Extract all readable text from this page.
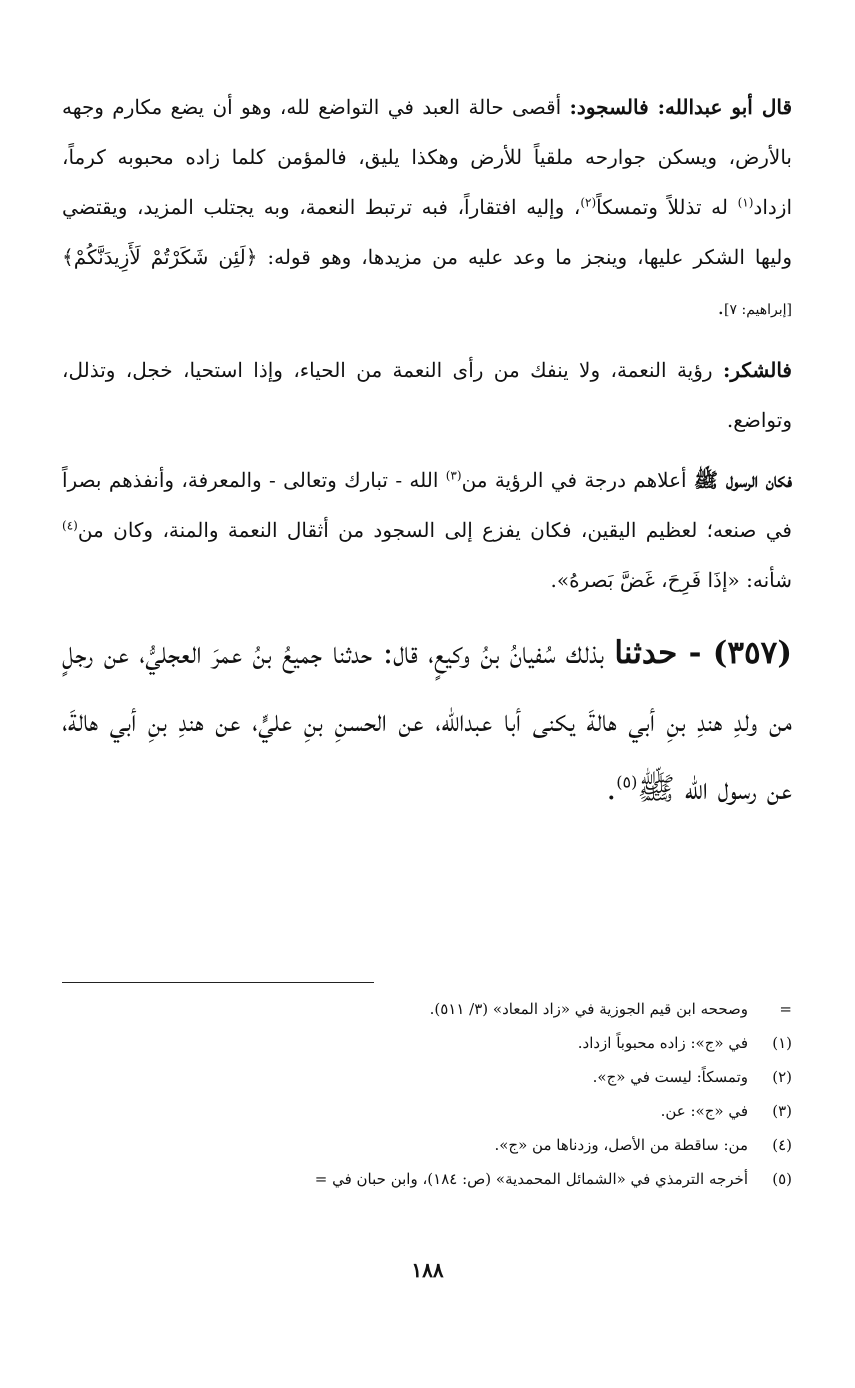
قال أبو عبدالله: فالسجود: أقصى حالة العبد في التواضع لله، وهو أن يضع مكارم وجهه بالأرض، ويسكن جوارحه ملقياً للأرض وهكذا يليق، فالمؤمن كلما زاده محبوبه كرماً، ازداد$^{(١)}$ له تذللاً وتمسكاً$^{(٢)}$، وإليه افتقاراً، فبه ترتبط النعمة، وبه يجتلب المزيد، ويقتضي وليها الشكر عليها، وينجز ما وعد عليه من مزيدها، وهو قوله: ﴿لَئِن شَكَرْتُمْ لَأَزِيدَنَّكُمْ﴾[إبراهيم: ٧].

فالشكر: رؤية النعمة، ولا ينفك من رأى النعمة من الحياء، وإذا استحيا، خجل، وتذلل، وتواضع.

فكان الرسول ﷺ أعلاهم درجة في الرؤية من$^{(٣)}$ الله - تبارك وتعالى - والمعرفة، وأنفذهم بصراً في صنعه؛ لعظيم اليقين، فكان يفزع إلى السجود من أثقال النعمة والمنة، وكان من$^{(٤)}$ شأنه: «إذَا فَرِحَ، غَضَّ بَصرهُ».

(٣٥٧) - حدثنا بذلك سُفيانُ بنُ وكيعٍ، قال: حدثنا جميعُ بنُ عمرَ العجليُّ، عن رجلٍ من ولدِ هندِ بنِ أبي هالةَ يكنى أبا عبدالله، عن الحسنِ بنِ عليٍّ، عن هندِ بنِ أبي هالةَ، عن رسول الله ﷺ$^{(٥)}$.

=
وصححه ابن قيم الجوزية في «زاد المعاد» (٣/ ٥١١).
(١)
في «ج»: زاده محبوباً ازداد.
(٢)
وتمسكاً: ليست في «ج».
(٣)
في «ج»: عن.
(٤)
من: ساقطة من الأصل، وزدناها من «ج».
(٥)
أخرجه الترمذي في «الشمائل المحمدية» (ص: ١٨٤)، وابن حبان في =
١٨٨
